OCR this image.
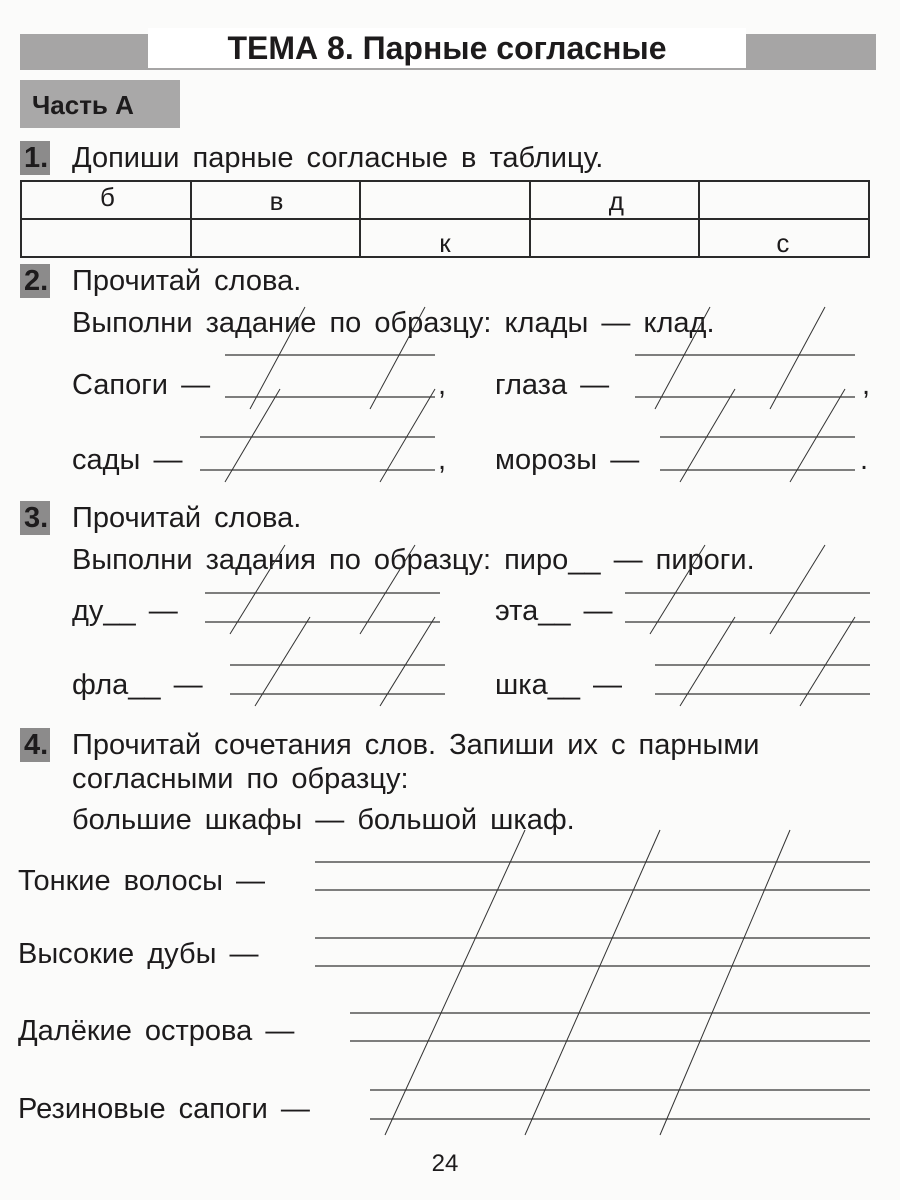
ТЕМА 8. Парные согласные
Часть А
1. Допиши парные согласные в таблицу.
б	в		д	

		к		с
2. Прочитай слова.
Выполни задание по образцу: клады — клад.
Сапоги —	, глаза —	,
сады —	, морозы —	.
3. Прочитай слова.
Выполни задания по образцу: пиро__ — пироги.
ду__ —	эта__ —
фла__ —	шка__ —
4. Прочитай сочетания слов. Запиши их с парными
согласными по образцу:
большие шкафы — большой шкаф.
Тонкие волосы —
Высокие дубы —
Далёкие острова —
Резиновые сапоги —
24
